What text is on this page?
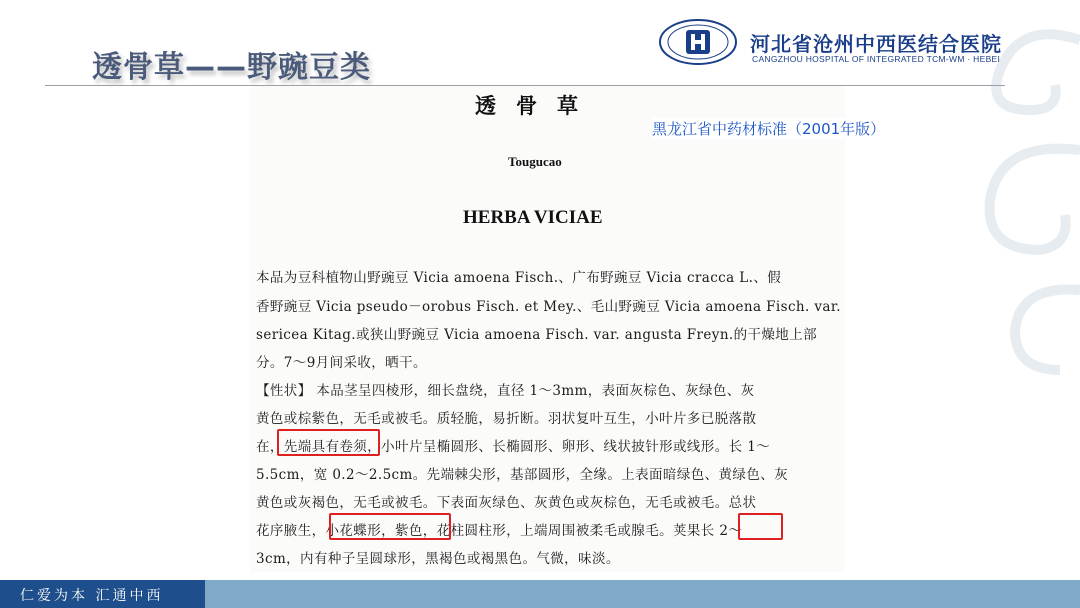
透骨草——野豌豆类
河北省沧州中西医结合医院
CANGZHOU HOSPITAL OF INTEGRATED TCM-WM · HEBEI
透骨草
黑龙江省中药材标准（2001年版）
Tougucao
HERBA VICIAE
本品为豆科植物山野豌豆 Vicia amoena Fisch.、广布野豌豆 Vicia cracca L.、假
香野豌豆 Vicia pseudo－orobus Fisch. et Mey.、毛山野豌豆 Vicia amoena Fisch. var.
sericea Kitag.或狭山野豌豆 Vicia amoena Fisch. var. angusta Freyn.的干燥地上部
分。7～9月间采收，晒干。
【性状】 本品茎呈四棱形，细长盘绕，直径 1～3mm，表面灰棕色、灰绿色、灰
黄色或棕紫色，无毛或被毛。质轻脆，易折断。羽状复叶互生，小叶片多已脱落散
在，先端具有卷须，小叶片呈椭圆形、长椭圆形、卵形、线状披针形或线形。长 1～
5.5cm，宽 0.2～2.5cm。先端棘尖形，基部圆形，全缘。上表面暗绿色、黄绿色、灰
黄色或灰褐色，无毛或被毛。下表面灰绿色、灰黄色或灰棕色，无毛或被毛。总状
花序腋生，小花蝶形，紫色，花柱圆柱形，上端周围被柔毛或腺毛。荚果长 2～
3cm，内有种子呈圆球形，黑褐色或褐黑色。气微，味淡。
仁爱为本 汇通中西
